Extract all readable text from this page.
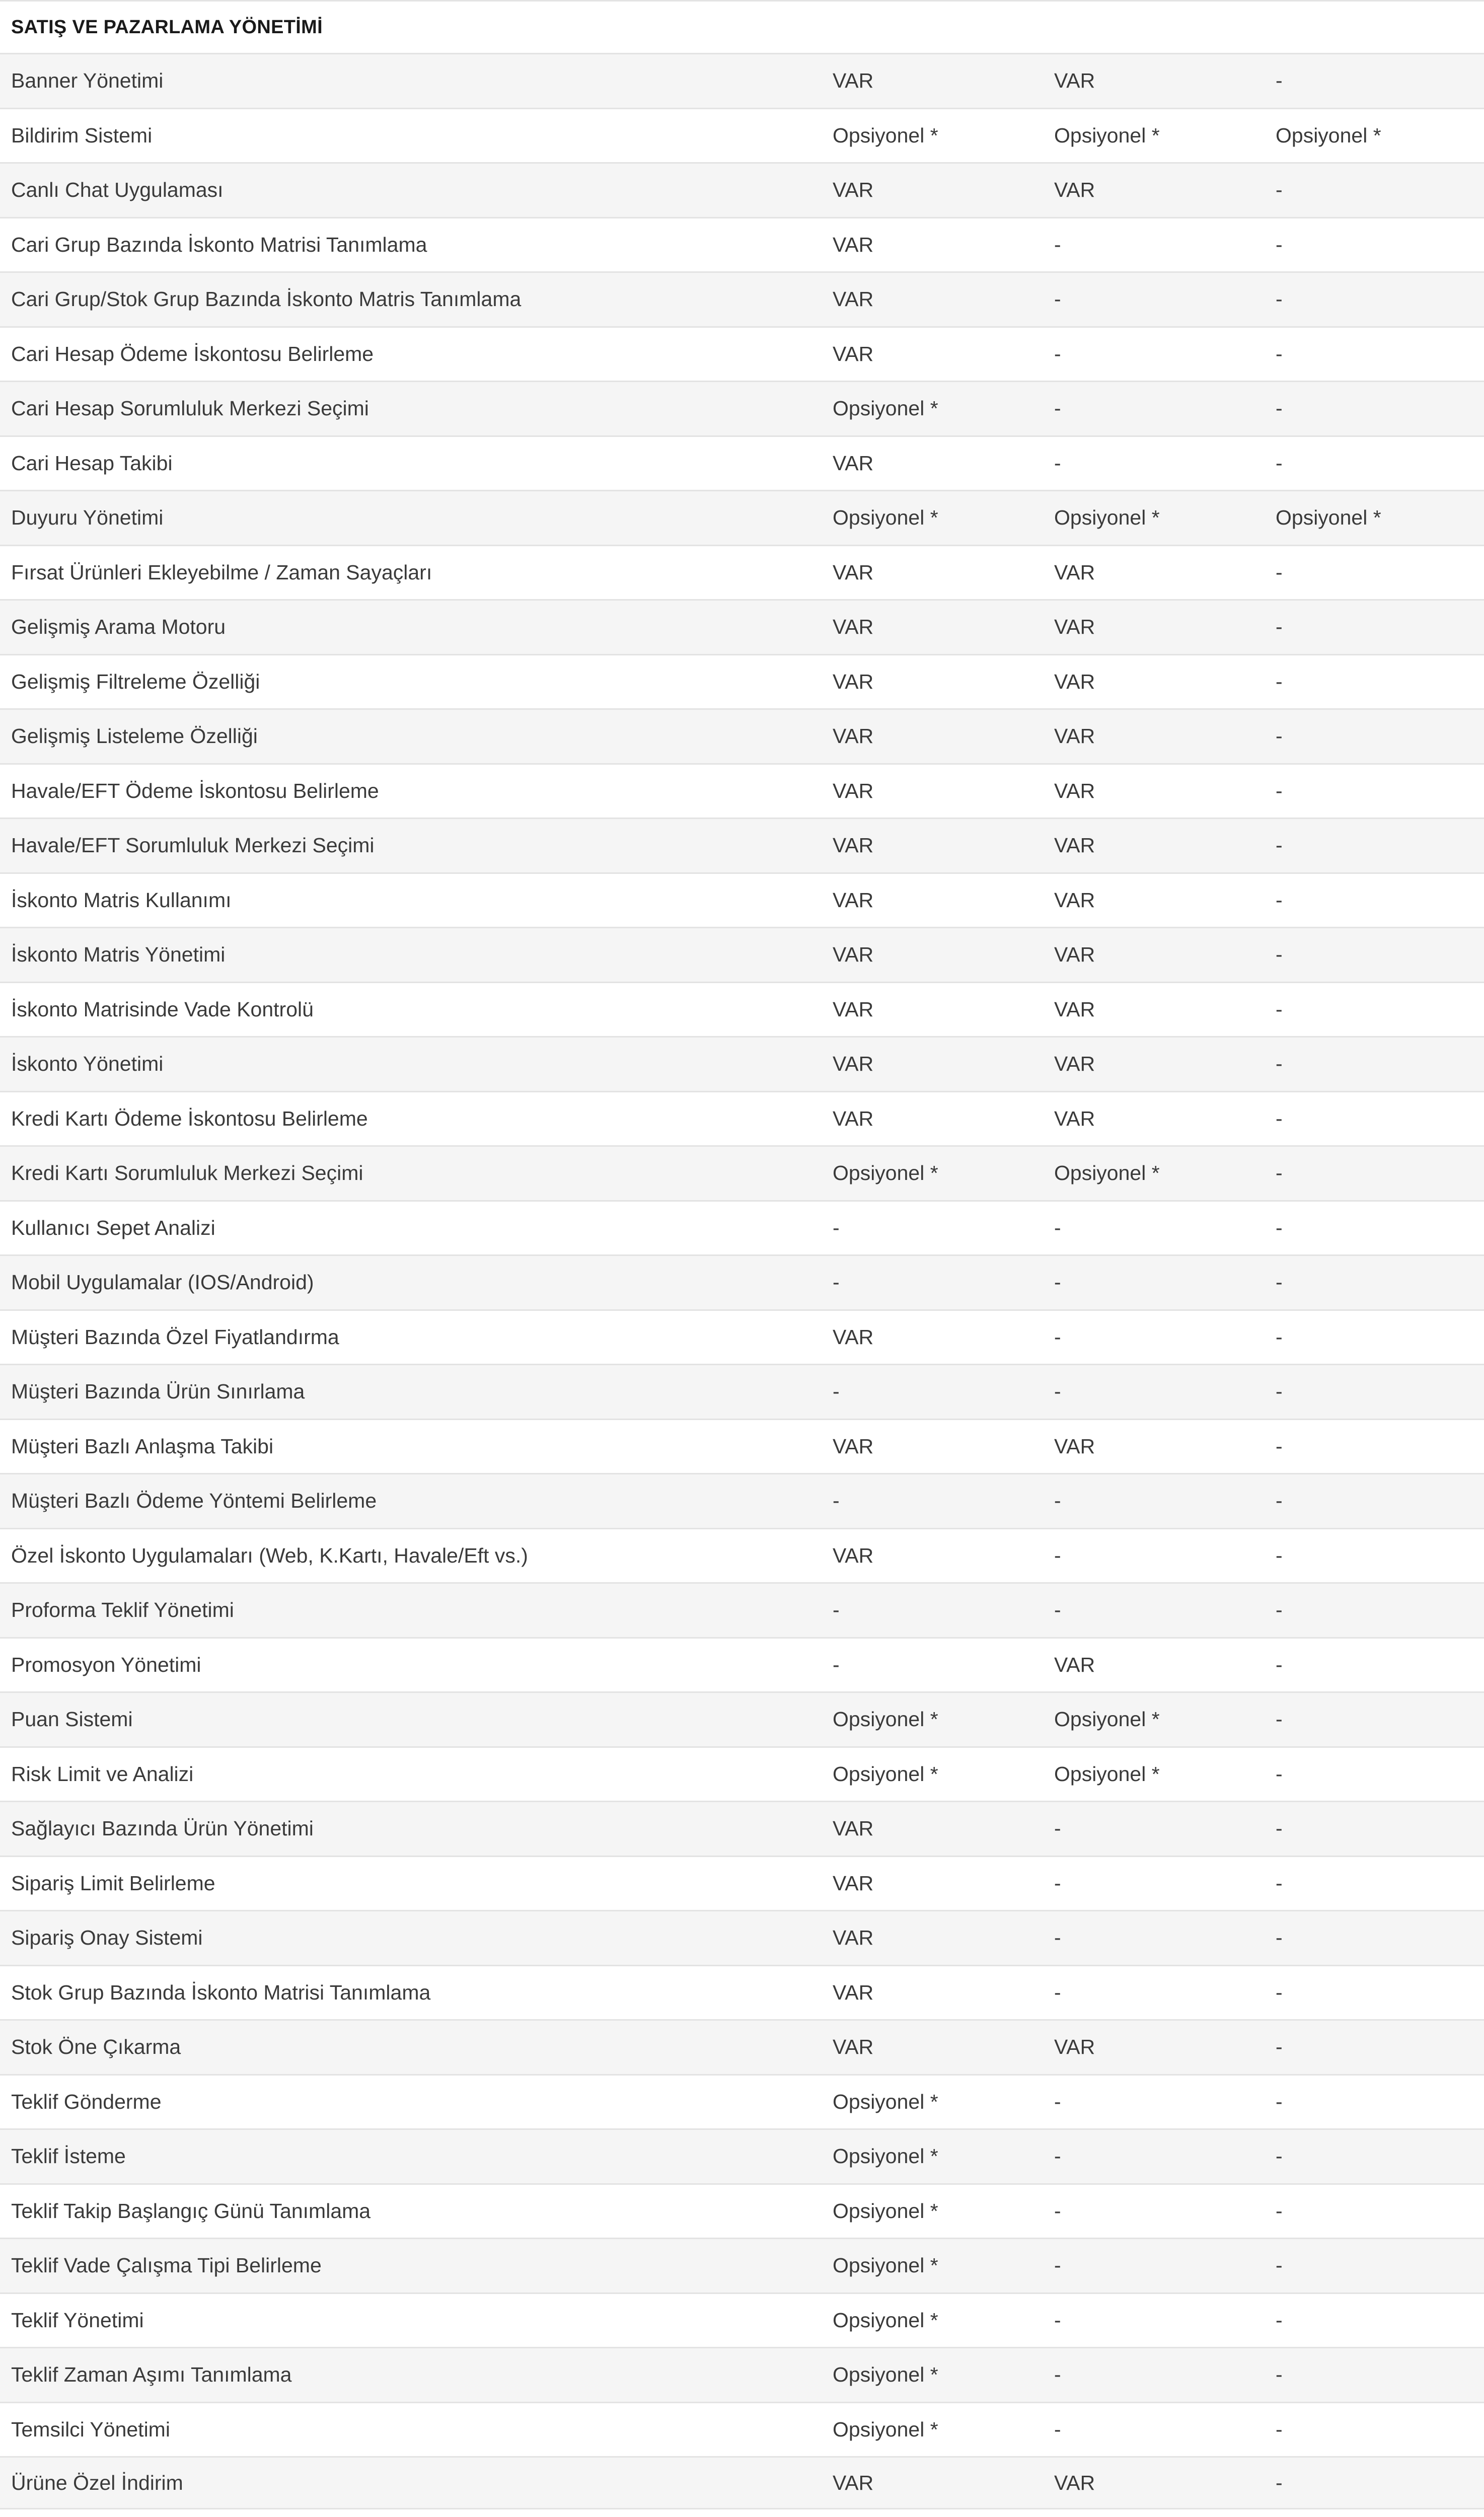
SATIŞ VE PAZARLAMA YÖNETİMİ
Banner Yönetimi	VAR	VAR	-
Bildirim Sistemi	Opsiyonel *	Opsiyonel *	Opsiyonel *
Canlı Chat Uygulaması	VAR	VAR	-
Cari Grup Bazında İskonto Matrisi Tanımlama	VAR	-	-
Cari Grup/Stok Grup Bazında İskonto Matris Tanımlama	VAR	-	-
Cari Hesap Ödeme İskontosu Belirleme	VAR	-	-
Cari Hesap Sorumluluk Merkezi Seçimi	Opsiyonel *	-	-
Cari Hesap Takibi	VAR	-	-
Duyuru Yönetimi	Opsiyonel *	Opsiyonel *	Opsiyonel *
Fırsat Ürünleri Ekleyebilme / Zaman Sayaçları	VAR	VAR	-
Gelişmiş Arama Motoru	VAR	VAR	-
Gelişmiş Filtreleme Özelliği	VAR	VAR	-
Gelişmiş Listeleme Özelliği	VAR	VAR	-
Havale/EFT Ödeme İskontosu Belirleme	VAR	VAR	-
Havale/EFT Sorumluluk Merkezi Seçimi	VAR	VAR	-
İskonto Matris Kullanımı	VAR	VAR	-
İskonto Matris Yönetimi	VAR	VAR	-
İskonto Matrisinde Vade Kontrolü	VAR	VAR	-
İskonto Yönetimi	VAR	VAR	-
Kredi Kartı Ödeme İskontosu Belirleme	VAR	VAR	-
Kredi Kartı Sorumluluk Merkezi Seçimi	Opsiyonel *	Opsiyonel *	-
Kullanıcı Sepet Analizi	-	-	-
Mobil Uygulamalar (IOS/Android)	-	-	-
Müşteri Bazında Özel Fiyatlandırma	VAR	-	-
Müşteri Bazında Ürün Sınırlama	-	-	-
Müşteri Bazlı Anlaşma Takibi	VAR	VAR	-
Müşteri Bazlı Ödeme Yöntemi Belirleme	-	-	-
Özel İskonto Uygulamaları (Web, K.Kartı, Havale/Eft vs.)	VAR	-	-
Proforma Teklif Yönetimi	-	-	-
Promosyon Yönetimi	-	VAR	-
Puan Sistemi	Opsiyonel *	Opsiyonel *	-
Risk Limit ve Analizi	Opsiyonel *	Opsiyonel *	-
Sağlayıcı Bazında Ürün Yönetimi	VAR	-	-
Sipariş Limit Belirleme	VAR	-	-
Sipariş Onay Sistemi	VAR	-	-
Stok Grup Bazında İskonto Matrisi Tanımlama	VAR	-	-
Stok Öne Çıkarma	VAR	VAR	-
Teklif Gönderme	Opsiyonel *	-	-
Teklif İsteme	Opsiyonel *	-	-
Teklif Takip Başlangıç Günü Tanımlama	Opsiyonel *	-	-
Teklif Vade Çalışma Tipi Belirleme	Opsiyonel *	-	-
Teklif Yönetimi	Opsiyonel *	-	-
Teklif Zaman Aşımı Tanımlama	Opsiyonel *	-	-
Temsilci Yönetimi	Opsiyonel *	-	-
Ürüne Özel İndirim	VAR	VAR	-
